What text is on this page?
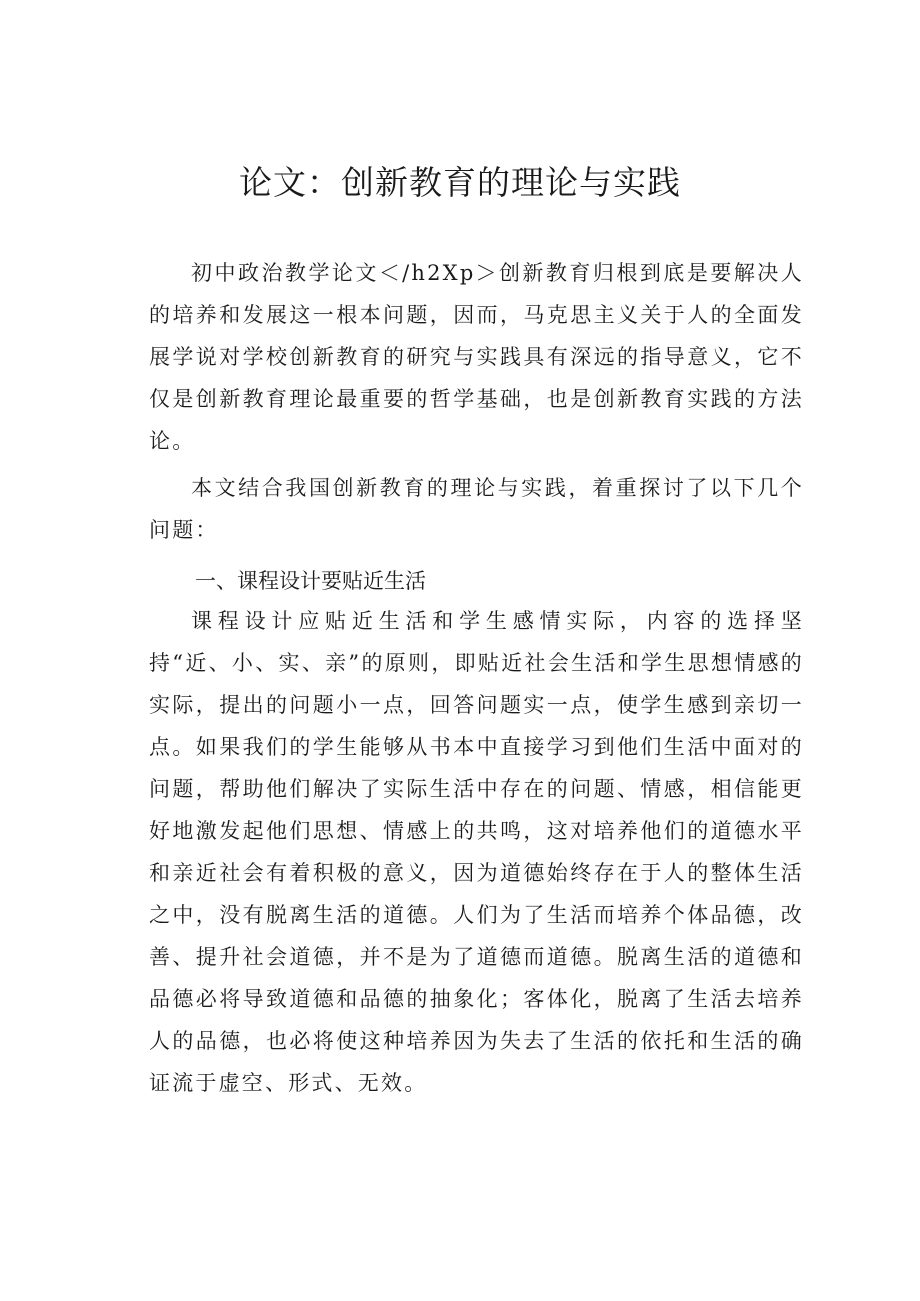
论文：创新教育的理论与实践

初中政治教学论文＜/h2Xp＞创新教育归根到底是要解决人的培养和发展这一根本问题，因而，马克思主义关于人的全面发展学说对学校创新教育的研究与实践具有深远的指导意义，它不仅是创新教育理论最重要的哲学基础，也是创新教育实践的方法论。

本文结合我国创新教育的理论与实践，着重探讨了以下几个问题：

一、课程设计要贴近生活

课程设计应贴近生活和学生感情实际，内容的选择坚持“近、小、实、亲”的原则，即贴近社会生活和学生思想情感的实际，提出的问题小一点，回答问题实一点，使学生感到亲切一点。如果我们的学生能够从书本中直接学习到他们生活中面对的问题，帮助他们解决了实际生活中存在的问题、情感，相信能更好地激发起他们思想、情感上的共鸣，这对培养他们的道德水平和亲近社会有着积极的意义，因为道德始终存在于人的整体生活之中，没有脱离生活的道德。人们为了生活而培养个体品德，改善、提升社会道德，并不是为了道德而道德。脱离生活的道德和品德必将导致道德和品德的抽象化；客体化，脱离了生活去培养人的品德，也必将使这种培养因为失去了生活的依托和生活的确证流于虚空、形式、无效。
